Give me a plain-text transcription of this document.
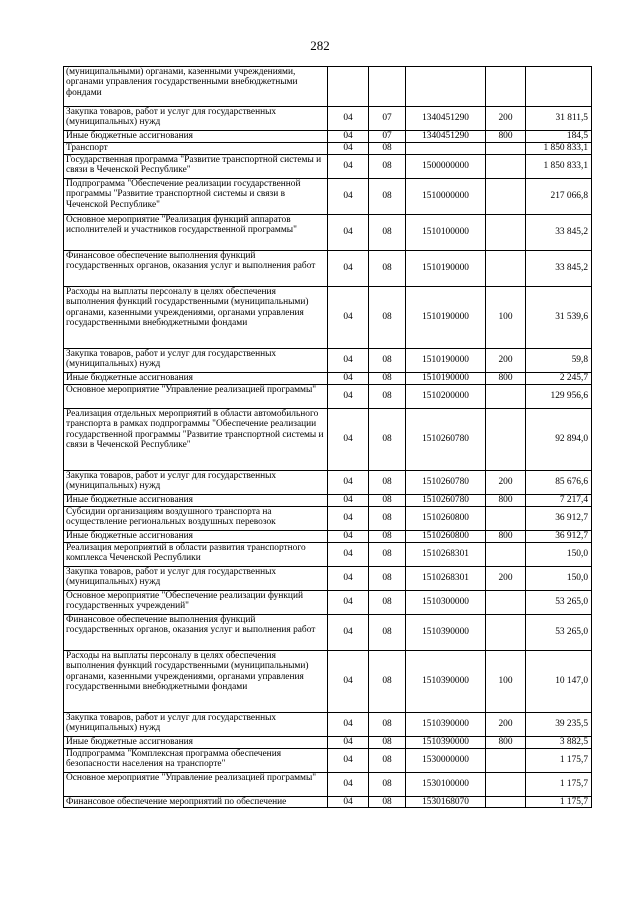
282
(муниципальными) органами, казенными учреждениями, органами управления государственными внебюджетными фондами					
Закупка товаров, работ и услуг для государственных (муниципальных) нужд	04	07	1340451290	200	31 811,5
Иные бюджетные ассигнования	04	07	1340451290	800	184,5
Транспорт	04	08			1 850 833,1
Государственная программа "Развитие транспортной системы и связи в Чеченской Республике"	04	08	1500000000		1 850 833,1
Подпрограмма "Обеспечение реализации государственной программы "Развитие транспортной системы и связи в Чеченской Республике"	04	08	1510000000		217 066,8
Основное мероприятие "Реализация функций аппаратов исполнителей и участников государственной программы"	04	08	1510100000		33 845,2
Финансовое обеспечение выполнения функций государственных органов, оказания услуг и выполнения работ	04	08	1510190000		33 845,2
Расходы на выплаты персоналу в целях обеспечения выполнения функций государственными (муниципальными) органами, казенными учреждениями, органами управления государственными внебюджетными фондами	04	08	1510190000	100	31 539,6
Закупка товаров, работ и услуг для государственных (муниципальных) нужд	04	08	1510190000	200	59,8
Иные бюджетные ассигнования	04	08	1510190000	800	2 245,7
Основное мероприятие "Управление реализацией программы"	04	08	1510200000		129 956,6
Реализация отдельных мероприятий в области автомобильного транспорта в рамках подпрограммы "Обеспечение реализации государственной программы "Развитие транспортной системы и связи в Чеченской Республике"	04	08	1510260780		92 894,0
Закупка товаров, работ и услуг для государственных (муниципальных) нужд	04	08	1510260780	200	85 676,6
Иные бюджетные ассигнования	04	08	1510260780	800	7 217,4
Субсидии организациям воздушного транспорта на осуществление региональных воздушных перевозок	04	08	1510260800		36 912,7
Иные бюджетные ассигнования	04	08	1510260800	800	36 912,7
Реализация мероприятий в области развития транспортного комплекса Чеченской Республики	04	08	1510268301		150,0
Закупка товаров, работ и услуг для государственных (муниципальных) нужд	04	08	1510268301	200	150,0
Основное мероприятие "Обеспечение реализации функций государственных учреждений"	04	08	1510300000		53 265,0
Финансовое обеспечение выполнения функций государственных органов, оказания услуг и выполнения работ	04	08	1510390000		53 265,0
Расходы на выплаты персоналу в целях обеспечения выполнения функций государственными (муниципальными) органами, казенными учреждениями, органами управления государственными внебюджетными фондами	04	08	1510390000	100	10 147,0
Закупка товаров, работ и услуг для государственных (муниципальных) нужд	04	08	1510390000	200	39 235,5
Иные бюджетные ассигнования	04	08	1510390000	800	3 882,5
Подпрограмма "Комплексная программа обеспечения безопасности населения на транспорте"	04	08	1530000000		1 175,7
Основное мероприятие "Управление реализацией программы"	04	08	1530100000		1 175,7
Финансовое обеспечение мероприятий по обеспечение	04	08	1530168070		1 175,7
